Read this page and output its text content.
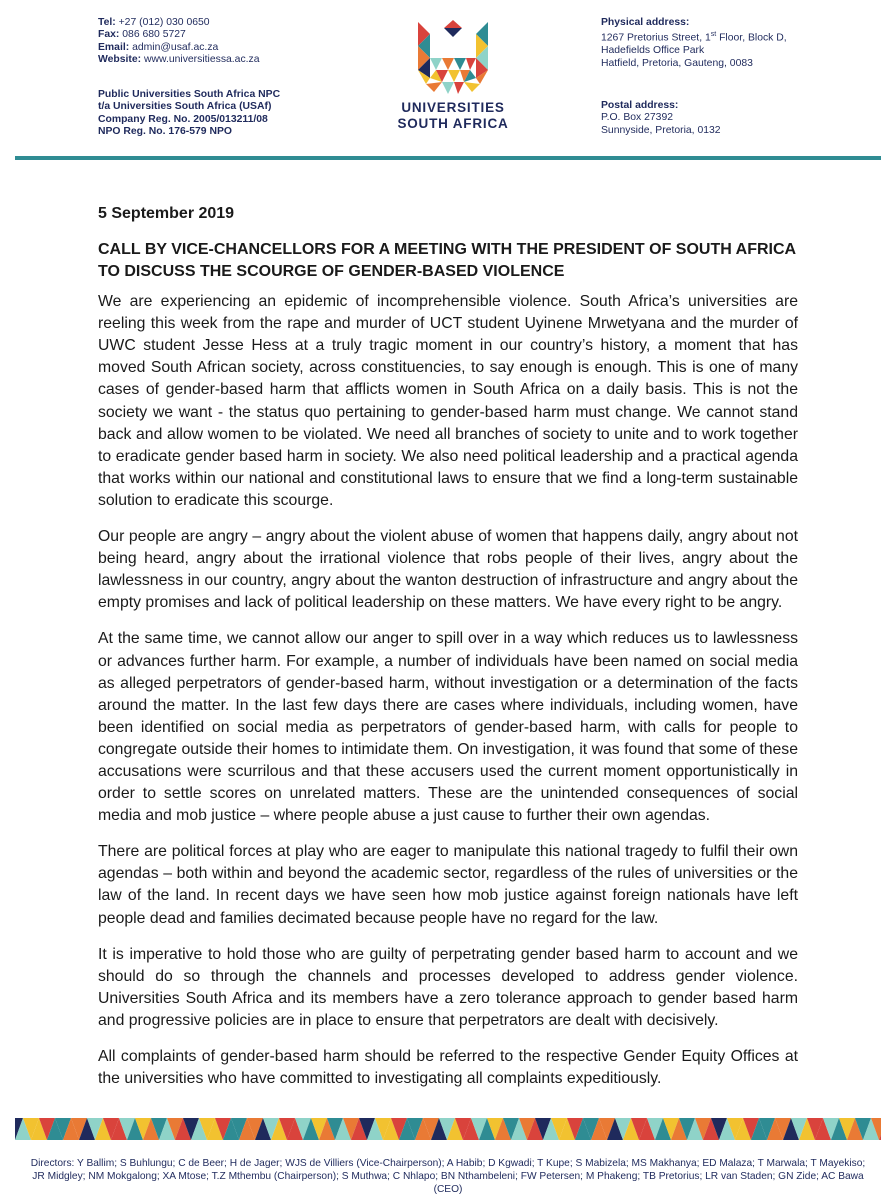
Tel: +27 (012) 030 0650
Fax: 086 680 5727
Email: admin@usaf.ac.za
Website: www.universitiessa.ac.za
Public Universities South Africa NPC
t/a Universities South Africa (USAf)
Company Reg. No. 2005/013211/08
NPO Reg. No. 176-579 NPO
UNIVERSITIES
SOUTH AFRICA
Physical address:
1267 Pretorius Street, 1st Floor, Block D,
Hadefields Office Park
Hatfield, Pretoria, Gauteng, 0083
Postal address:
P.O. Box 27392
Sunnyside, Pretoria, 0132

5 September 2019

CALL BY VICE-CHANCELLORS FOR A MEETING WITH THE PRESIDENT OF SOUTH AFRICA TO DISCUSS THE SCOURGE OF GENDER-BASED VIOLENCE

We are experiencing an epidemic of incomprehensible violence. South Africa’s universities are reeling this week from the rape and murder of UCT student Uyinene Mrwetyana and the murder of UWC student Jesse Hess at a truly tragic moment in our country’s history, a moment that has moved South African society, across constituencies, to say enough is enough. This is one of many cases of gender-based harm that afflicts women in South Africa on a daily basis. This is not the society we want - the status quo pertaining to gender-based harm must change. We cannot stand back and allow women to be violated. We need all branches of society to unite and to work together to eradicate gender based harm in society. We also need political leadership and a practical agenda that works within our national and constitutional laws to ensure that we find a long-term sustainable solution to eradicate this scourge.

Our people are angry – angry about the violent abuse of women that happens daily, angry about not being heard, angry about the irrational violence that robs people of their lives, angry about the lawlessness in our country, angry about the wanton destruction of infrastructure and angry about the empty promises and lack of political leadership on these matters. We have every right to be angry.

At the same time, we cannot allow our anger to spill over in a way which reduces us to lawlessness or advances further harm. For example, a number of individuals have been named on social media as alleged perpetrators of gender-based harm, without investigation or a determination of the facts around the matter. In the last few days there are cases where individuals, including women, have been identified on social media as perpetrators of gender-based harm, with calls for people to congregate outside their homes to intimidate them. On investigation, it was found that some of these accusations were scurrilous and that these accusers used the current moment opportunistically in order to settle scores on unrelated matters. These are the unintended consequences of social media and mob justice – where people abuse a just cause to further their own agendas.

There are political forces at play who are eager to manipulate this national tragedy to fulfil their own agendas – both within and beyond the academic sector, regardless of the rules of universities or the law of the land. In recent days we have seen how mob justice against foreign nationals have left people dead and families decimated because people have no regard for the law.

It is imperative to hold those who are guilty of perpetrating gender based harm to account and we should do so through the channels and processes developed to address gender violence. Universities South Africa and its members have a zero tolerance approach to gender based harm and progressive policies are in place to ensure that perpetrators are dealt with decisively.

All complaints of gender-based harm should be referred to the respective Gender Equity Offices at the universities who have committed to investigating all complaints expeditiously.

Directors: Y Ballim; S Buhlungu; C de Beer; H de Jager; WJS de Villiers (Vice-Chairperson); A Habib; D Kgwadi; T Kupe; S Mabizela; MS Makhanya; ED Malaza; T Marwala; T Mayekiso;
JR Midgley; NM Mokgalong; XA Mtose; T.Z Mthembu (Chairperson); S Muthwa; C Nhlapo; BN Nthambeleni; FW Petersen; M Phakeng; TB Pretorius; LR van Staden; GN Zide; AC Bawa (CEO)
